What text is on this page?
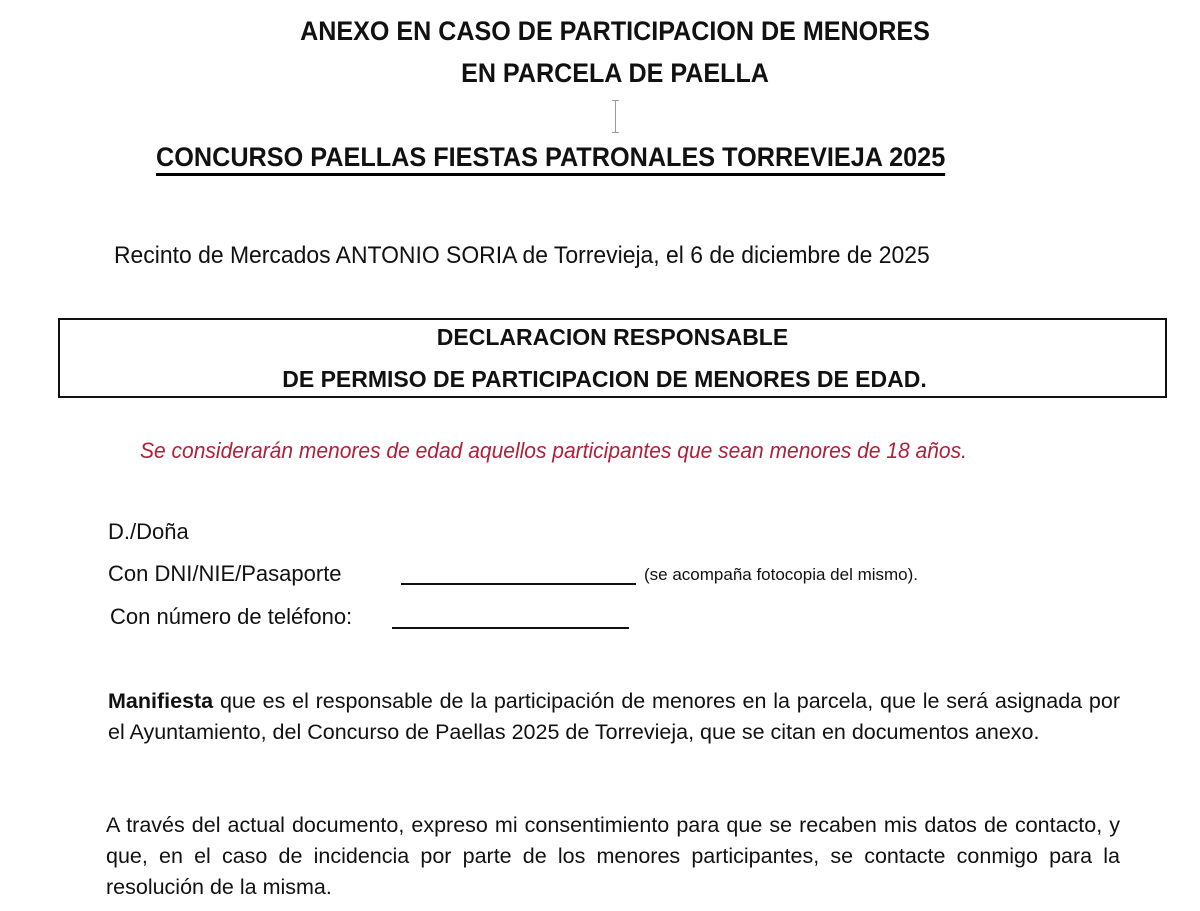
ANEXO EN CASO DE PARTICIPACION DE MENORES
EN PARCELA DE PAELLA
CONCURSO PAELLAS FIESTAS PATRONALES TORREVIEJA 2025
Recinto de Mercados ANTONIO SORIA de Torrevieja, el 6 de diciembre de 2025
DECLARACION RESPONSABLE
DE PERMISO DE PARTICIPACION DE MENORES DE EDAD.
Se considerarán menores de edad aquellos participantes que sean menores de 18 años.
D./Doña
Con DNI/NIE/Pasaporte	(se acompaña fotocopia del mismo).
Con número de teléfono:
Manifiesta que es el responsable de la participación de menores en la parcela, que le será asignada por el Ayuntamiento, del Concurso de Paellas 2025 de Torrevieja, que se citan en documentos anexo.
A través del actual documento, expreso mi consentimiento para que se recaben mis datos de contacto, y que, en el caso de incidencia por parte de los menores participantes, se contacte conmigo para la resolución de la misma.
